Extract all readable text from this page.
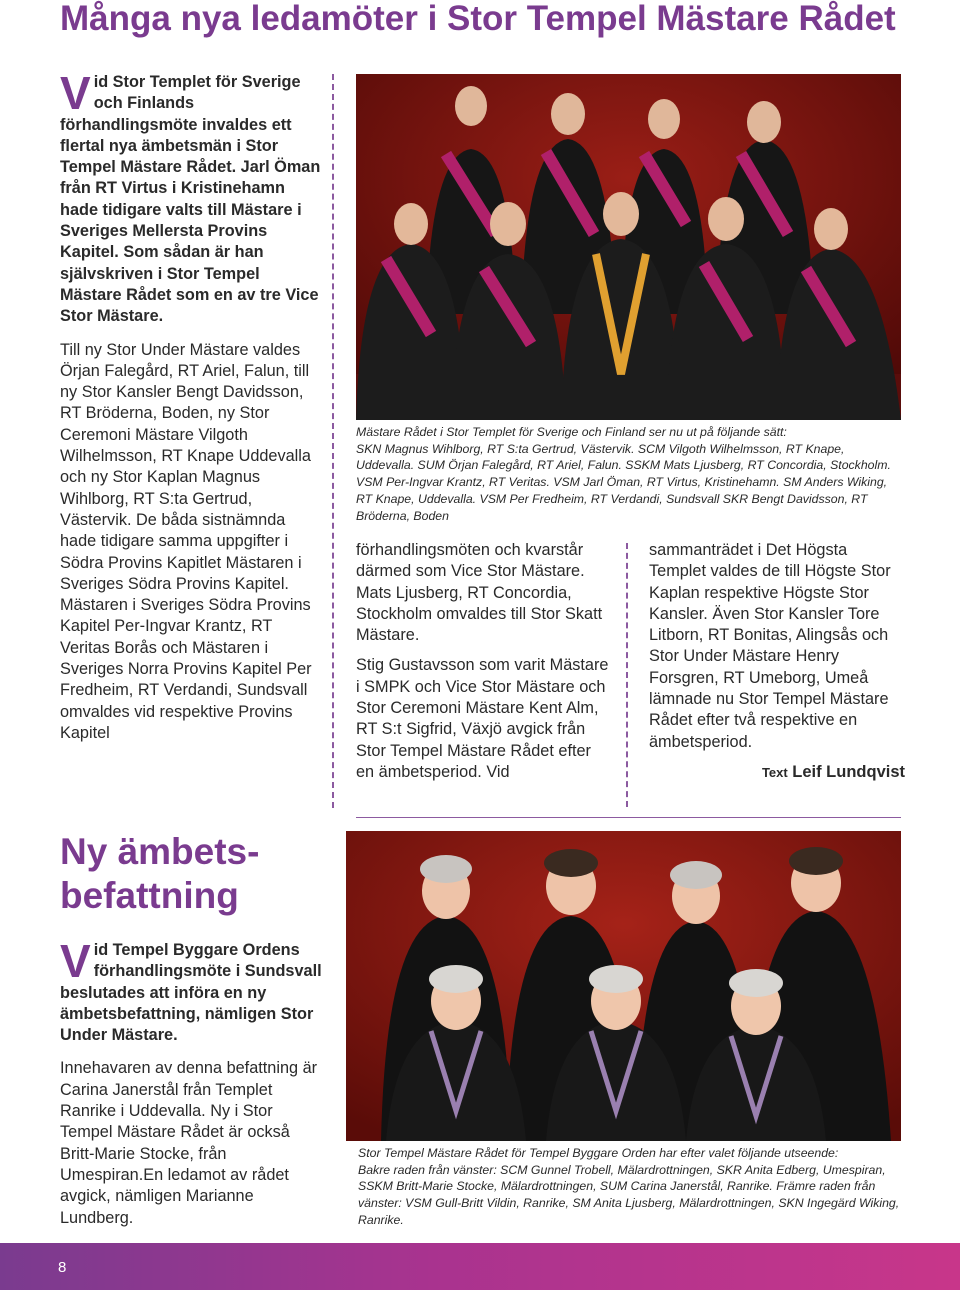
Många nya ledamöter i Stor Tempel Mästare Rådet
Vid Stor Templet för Sverige och Finlands förhandlingsmöte invaldes ett flertal nya ämbetsmän i Stor Tempel Mästare Rådet. Jarl Öman från RT Virtus i Kristinehamn hade tidigare valts till Mästare i Sveriges Mellersta Provins Kapitel. Som sådan är han självskriven i Stor Tempel Mästare Rådet som en av tre Vice Stor Mästare.

Till ny Stor Under Mästare valdes Örjan Falegård, RT Ariel, Falun, till ny Stor Kansler Bengt Davidsson, RT Bröderna, Boden, ny Stor Ceremoni Mästare Vilgoth Wilhelmsson, RT Knape Uddevalla och ny Stor Kaplan Magnus Wihlborg, RT S:ta Gertrud, Västervik. De båda sistnämnda hade tidigare samma uppgifter i Södra Provins Kapitlet Mästaren i Sveriges Södra Provins Kapitel. Mästaren i Sveriges Södra Provins Kapitel Per-Ingvar Krantz, RT Veritas Borås och Mästaren i Sveriges Norra Provins Kapitel Per Fredheim, RT Verdandi, Sundsvall omvaldes vid respektive Provins Kapitel

Mästare Rådet i Stor Templet för Sverige och Finland ser nu ut på följande sätt:

SKN Magnus Wihlborg, RT S:ta Gertrud, Västervik. SCM Vilgoth Wilhelmsson, RT Knape, Uddevalla. SUM Örjan Falegård, RT Ariel, Falun. SSKM Mats Ljusberg, RT Concordia, Stockholm. VSM Per-Ingvar Krantz, RT Veritas. VSM Jarl Öman, RT Virtus, Kristinehamn. SM Anders Wiking, RT Knape, Uddevalla. VSM Per Fredheim, RT Verdandi, Sundsvall SKR Bengt Davidsson, RT Bröderna, Boden

förhandlingsmöten och kvarstår därmed som Vice Stor Mästare. Mats Ljusberg, RT Concordia, Stockholm omvaldes till Stor Skatt Mästare.

Stig Gustavsson som varit Mästare i SMPK och Vice Stor Mästare och Stor Ceremoni Mästare Kent Alm, RT S:t Sigfrid, Växjö avgick från Stor Tempel Mästare Rådet efter en ämbetsperiod. Vid

sammanträdet i Det Högsta Templet valdes de till Högste Stor Kaplan respektive Högste Stor Kansler. Även Stor Kansler Tore Litborn, RT Bonitas, Alingsås och Stor Under Mästare Henry Forsgren, RT Umeborg, Umeå lämnade nu Stor Tempel Mästare Rådet efter två respektive en ämbetsperiod.

Text Leif Lundqvist
Ny ämbets-befattning
Vid Tempel Byggare Ordens förhandlingsmöte i Sundsvall beslutades att införa en ny ämbetsbefattning, nämligen Stor Under Mästare.

Innehavaren av denna befattning är Carina Janerstål från Templet Ranrike i Uddevalla. Ny i Stor Tempel Mästare Rådet är också Britt-Marie Stocke, från Umespiran.En ledamot av rådet avgick, nämligen Marianne Lundberg.

Stor Tempel Mästare Rådet för Tempel Byggare Orden har efter valet följande utseende:

Bakre raden från vänster: SCM Gunnel Trobell, Mälardrottningen, SKR Anita Edberg, Umespiran, SSKM Britt-Marie Stocke, Mälardrottningen, SUM Carina Janerstål, Ranrike. Främre raden från vänster: VSM Gull-Britt Vildin, Ranrike, SM Anita Ljusberg, Mälardrottningen, SKN Ingegärd Wiking, Ranrike.

8
